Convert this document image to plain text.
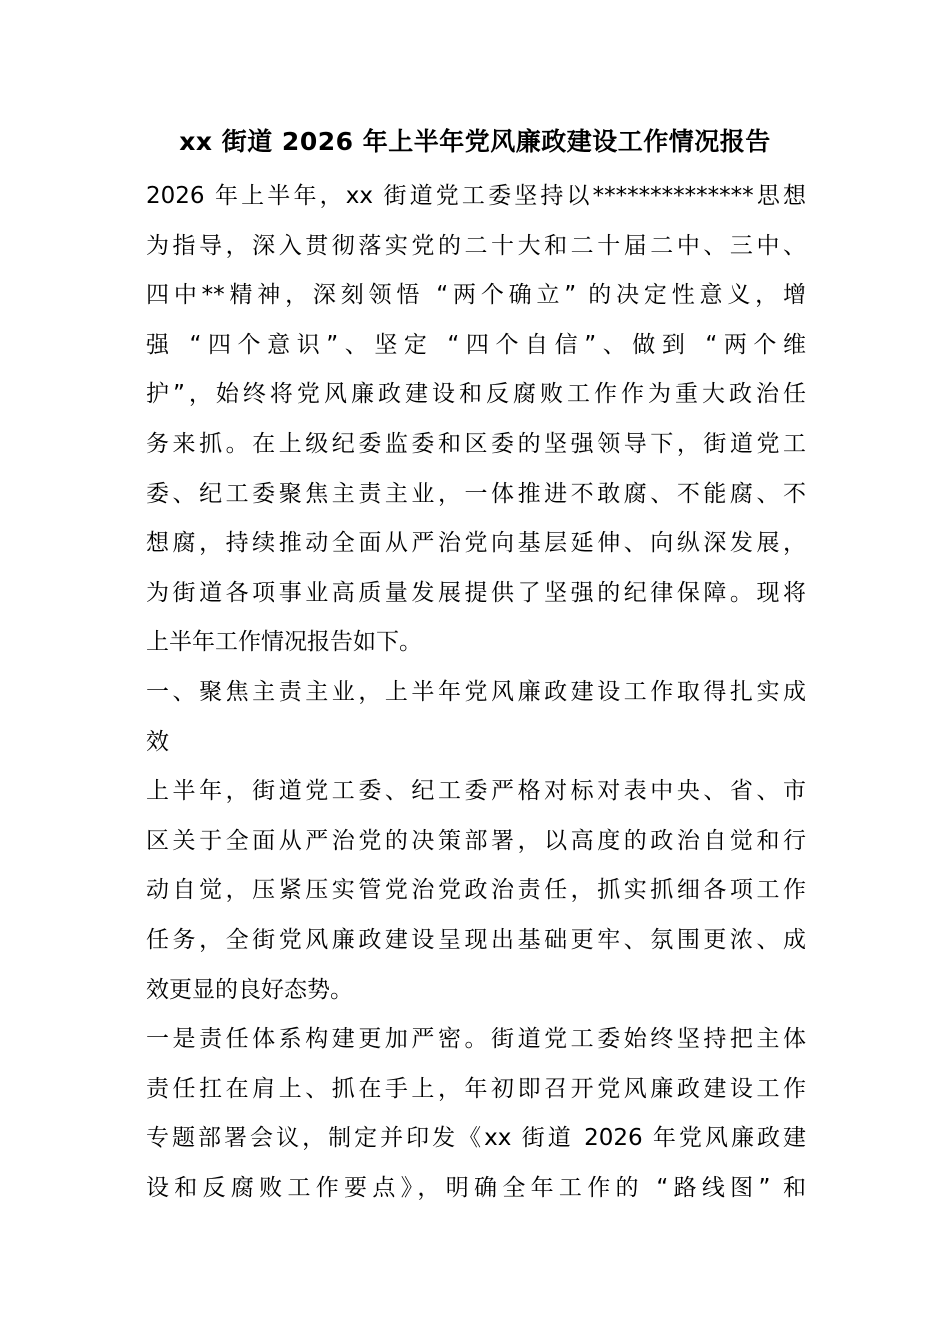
xx 街道 2026 年上半年党风廉政建设工作情况报告
2026 年上半年，xx 街道党工委坚持以**************思想
为指导，深入贯彻落实党的二十大和二十届二中、三中、
四中**精神，深刻领悟 “两个确立” 的决定性意义，增
强 “四个意识”、坚定 “四个自信”、做到 “两个维
护”，始终将党风廉政建设和反腐败工作作为重大政治任
务来抓。在上级纪委监委和区委的坚强领导下，街道党工
委、纪工委聚焦主责主业，一体推进不敢腐、不能腐、不
想腐，持续推动全面从严治党向基层延伸、向纵深发展，
为街道各项事业高质量发展提供了坚强的纪律保障。现将
上半年工作情况报告如下。
一、聚焦主责主业，上半年党风廉政建设工作取得扎实成
效
上半年，街道党工委、纪工委严格对标对表中央、省、市
区关于全面从严治党的决策部署，以高度的政治自觉和行
动自觉，压紧压实管党治党政治责任，抓实抓细各项工作
任务，全街党风廉政建设呈现出基础更牢、氛围更浓、成
效更显的良好态势。
一是责任体系构建更加严密。街道党工委始终坚持把主体
责任扛在肩上、抓在手上，年初即召开党风廉政建设工作
专题部署会议，制定并印发《xx 街道 2026 年党风廉政建
设和反腐败工作要点》，明确全年工作的 “路线图” 和
